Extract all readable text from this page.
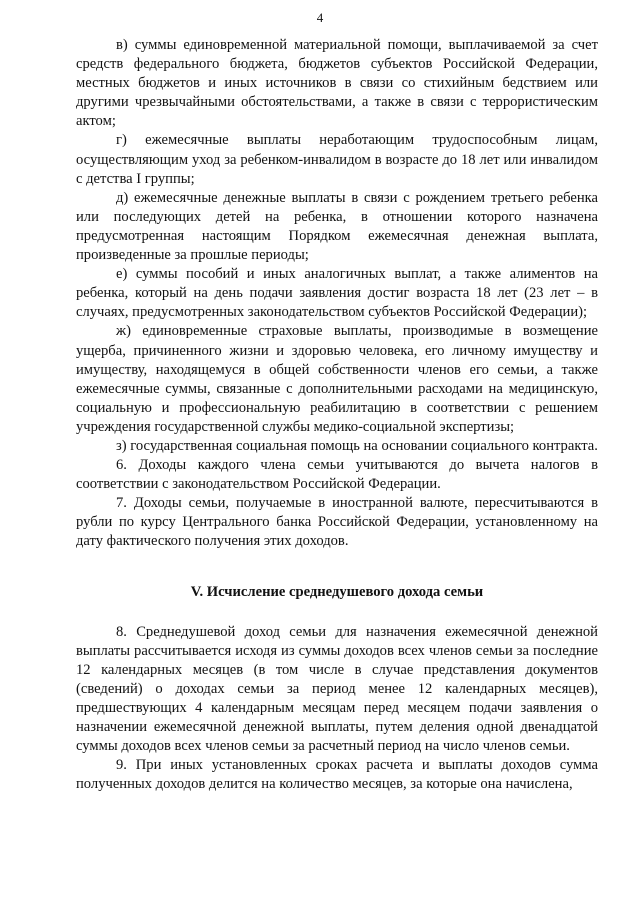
4

в) суммы единовременной материальной помощи, выплачиваемой за счет средств федерального бюджета, бюджетов субъектов Российской Федерации, местных бюджетов и иных источников в связи со стихийным бедствием или другими чрезвычайными обстоятельствами, а также в связи с террористическим актом;

г) ежемесячные выплаты неработающим трудоспособным лицам, осуществляющим уход за ребенком-инвалидом в возрасте до 18 лет или инвалидом с детства I группы;

д) ежемесячные денежные выплаты в связи с рождением третьего ребенка или последующих детей на ребенка, в отношении которого назначена предусмотренная настоящим Порядком ежемесячная денежная выплата, произведенные за прошлые периоды;

е) суммы пособий и иных аналогичных выплат, а также алиментов на ребенка, который на день подачи заявления достиг возраста 18 лет (23 лет – в случаях, предусмотренных законодательством субъектов Российской Федерации);

ж) единовременные страховые выплаты, производимые в возмещение ущерба, причиненного жизни и здоровью человека, его личному имуществу и имуществу, находящемуся в общей собственности членов его семьи, а также ежемесячные суммы, связанные с дополнительными расходами на медицинскую, социальную и профессиональную реабилитацию в соответствии с решением учреждения государственной службы медико-социальной экспертизы;

з) государственная социальная помощь на основании социального контракта.

6. Доходы каждого члена семьи учитываются до вычета налогов в соответствии с законодательством Российской Федерации.

7. Доходы семьи, получаемые в иностранной валюте, пересчитываются в рубли по курсу Центрального банка Российской Федерации, установленному на дату фактического получения этих доходов.

V. Исчисление среднедушевого дохода семьи

8. Среднедушевой доход семьи для назначения ежемесячной денежной выплаты рассчитывается исходя из суммы доходов всех членов семьи за последние 12 календарных месяцев (в том числе в случае представления документов (сведений) о доходах семьи за период менее 12 календарных месяцев), предшествующих 4 календарным месяцам перед месяцем подачи заявления о назначении ежемесячной денежной выплаты, путем деления одной двенадцатой суммы доходов всех членов семьи за расчетный период на число членов семьи.

9. При иных установленных сроках расчета и выплаты доходов сумма полученных доходов делится на количество месяцев, за которые она начислена,
